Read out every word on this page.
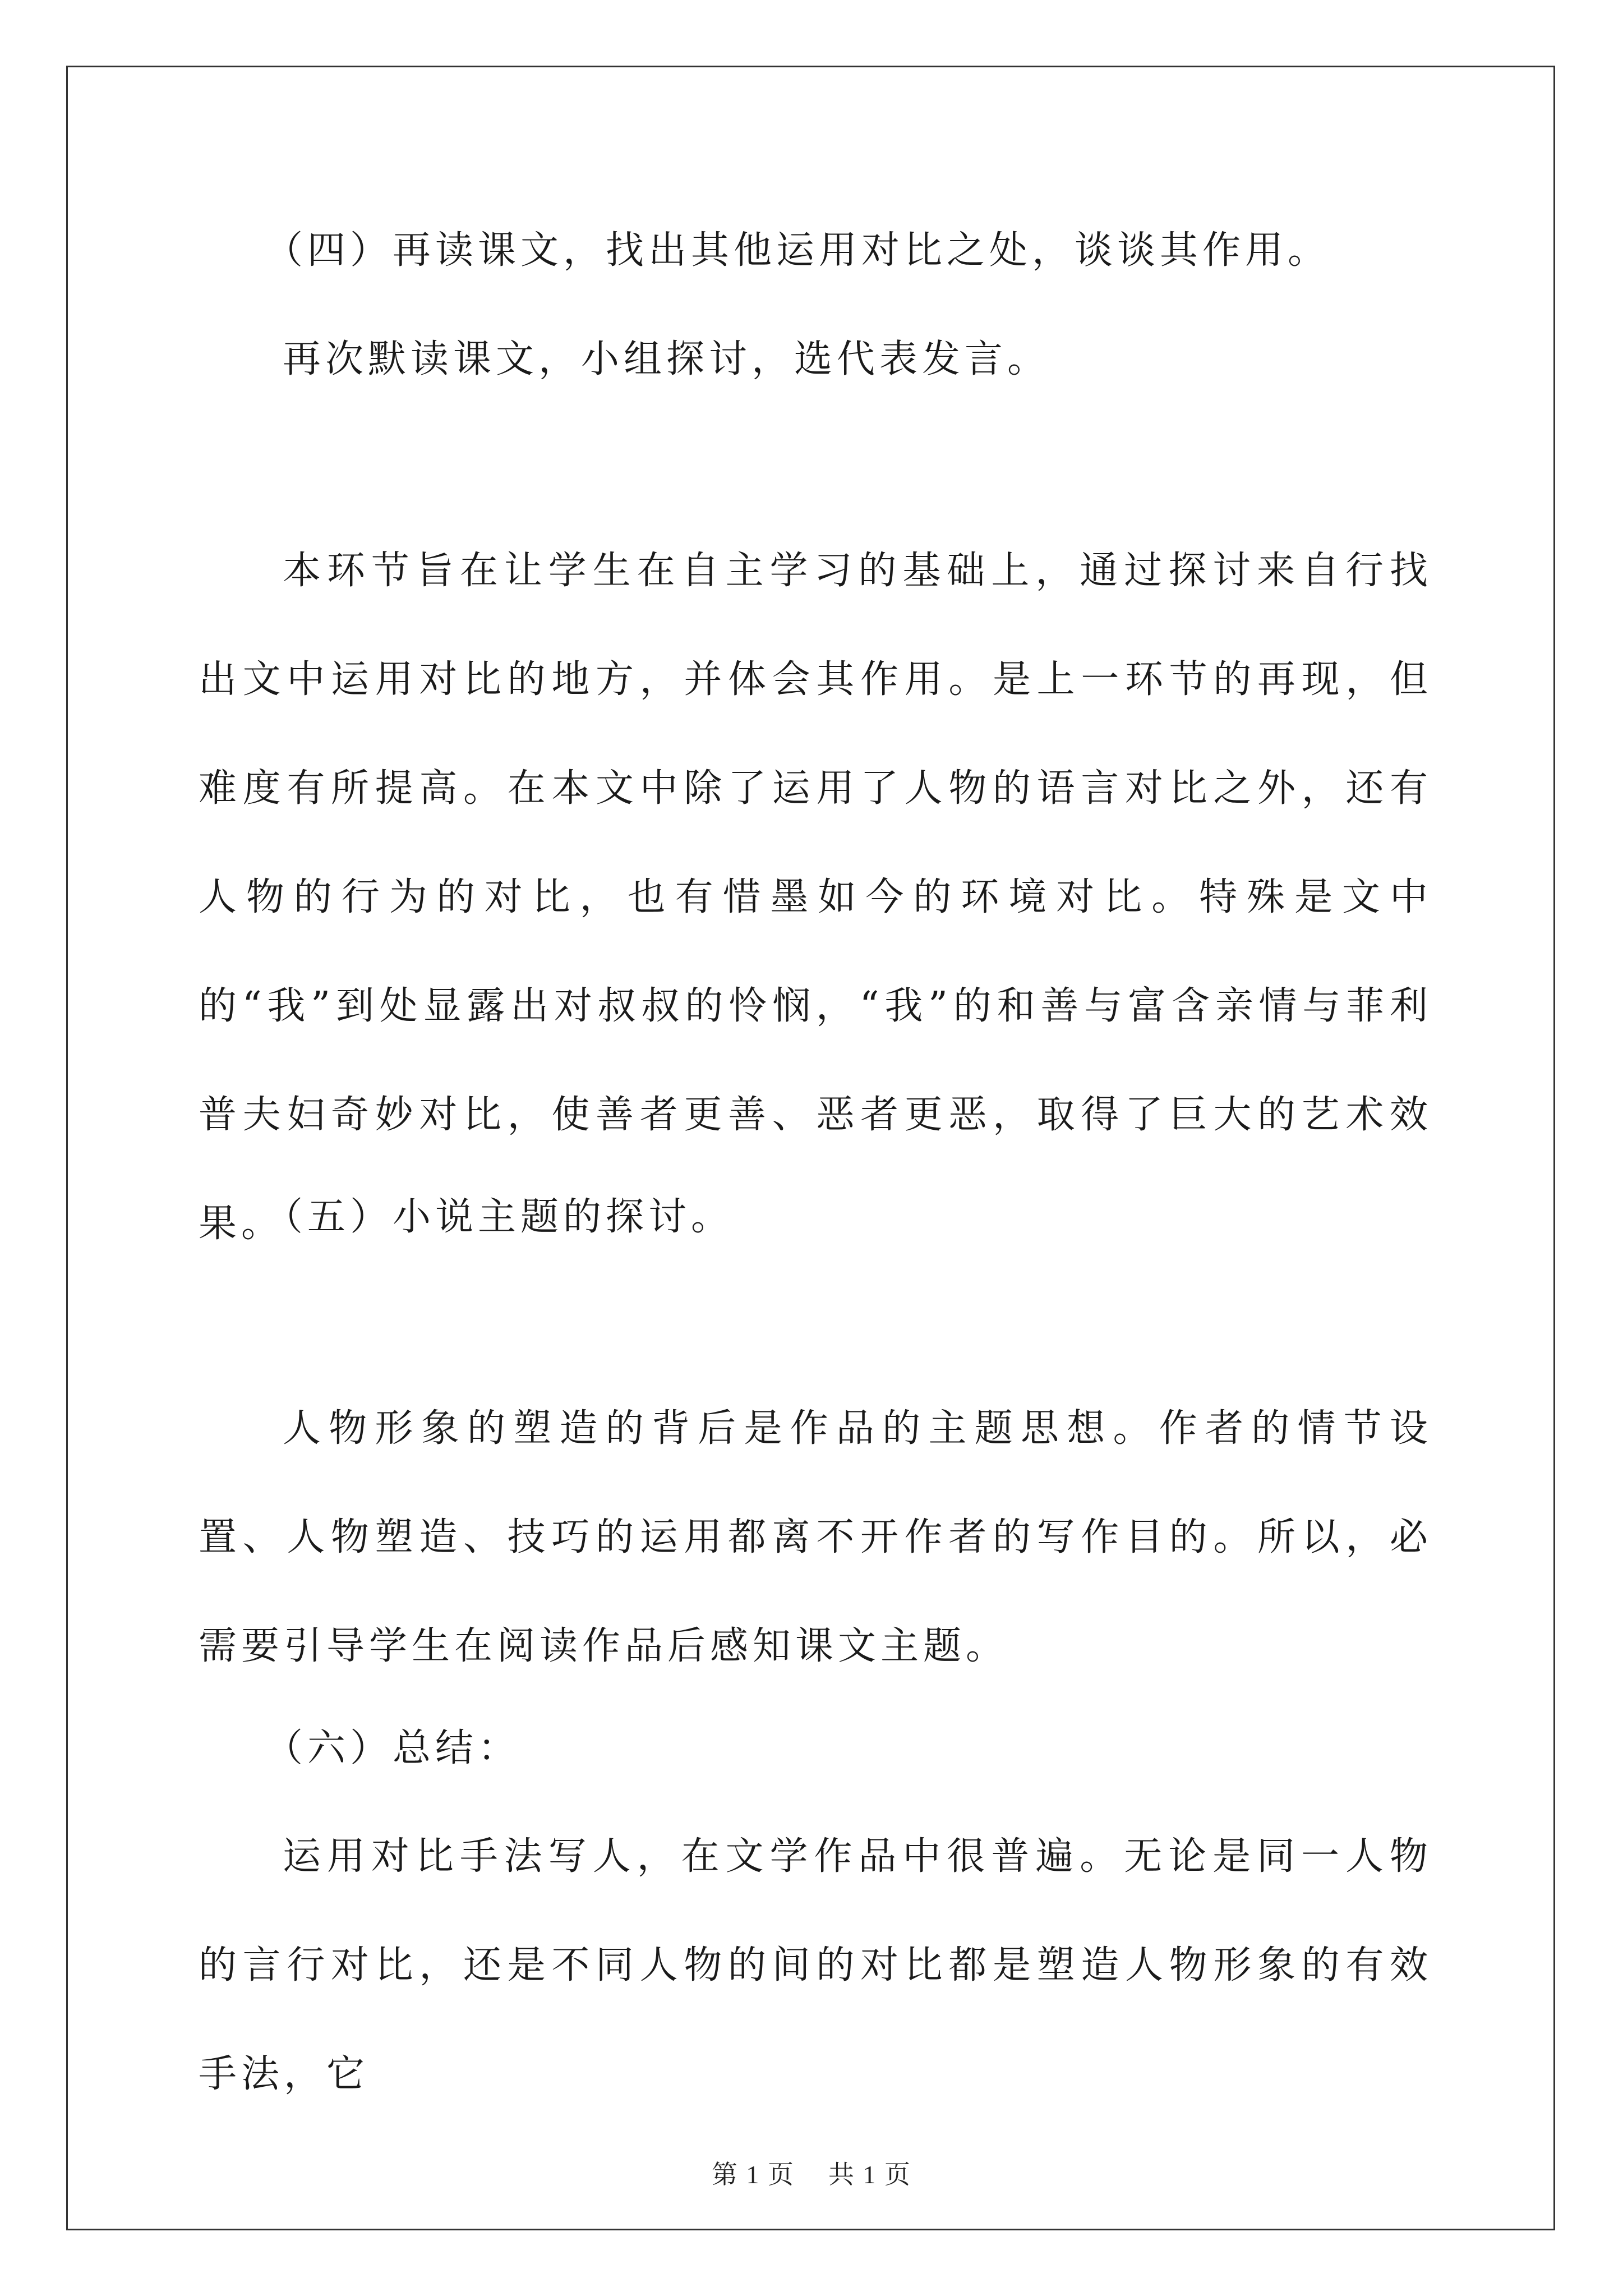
（四）再读课文，找出其他运用对比之处，谈谈其作用。

再次默读课文，小组探讨，选代表发言。

本环节旨在让学生在自主学习的基础上，通过探讨来自行找出文中运用对比的地方，并体会其作用。是上一环节的再现，但难度有所提高。在本文中除了运用了人物的语言对比之外，还有人物的行为的对比，也有惜墨如今的环境对比。特殊是文中的“我”到处显露出对叔叔的怜悯，“我”的和善与富含亲情与菲利普夫妇奇妙对比，使善者更善、恶者更恶，取得了巨大的艺术效果。

（五）小说主题的探讨。

人物形象的塑造的背后是作品的主题思想。作者的情节设置、人物塑造、技巧的运用都离不开作者的写作目的。所以，必需要引导学生在阅读作品后感知课文主题。

（六）总结：

运用对比手法写人，在文学作品中很普遍。无论是同一人物的言行对比，还是不同人物的间的对比都是塑造人物形象的有效手法，它

第 1 页 共 1 页
